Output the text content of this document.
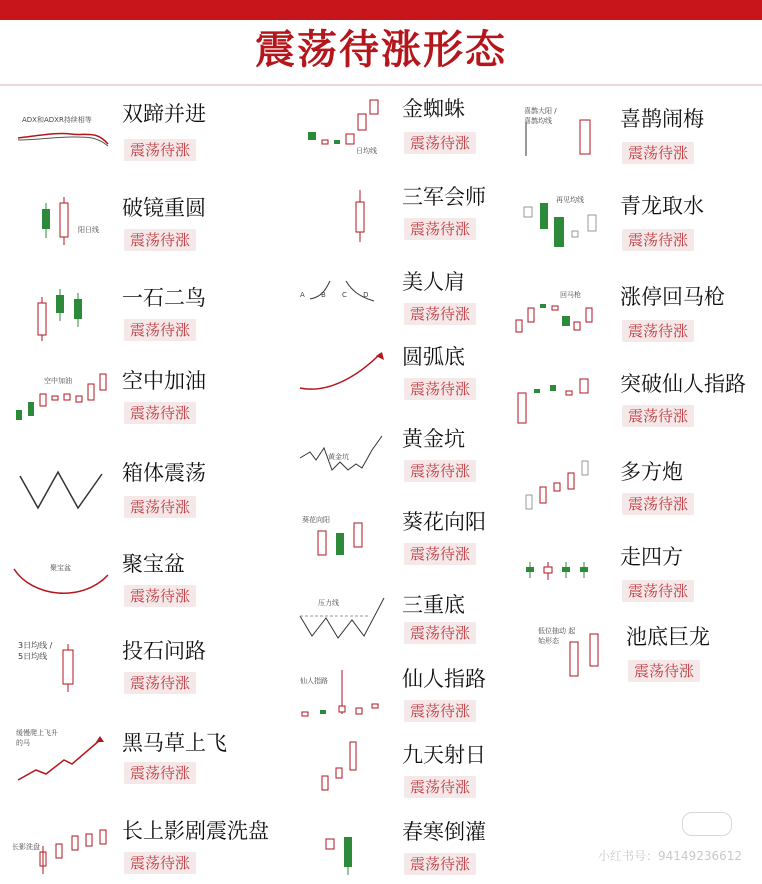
震荡待涨形态
ADX和ADXR持续相等 双蹄并进
震荡待涨
阳日线
破镜重圆
震荡待涨
一石二鸟
震荡待涨
空中加油 空中加油
震荡待涨
箱体震荡
震荡待涨
聚宝盆 聚宝盆
震荡待涨
3日均线 / 5日均线	投石问路
震荡待涨
缓慢爬上飞升的马	黑马草上飞
震荡待涨
长影洗盘
长上影剧震洗盘
震荡待涨
日均线
金蜘蛛
震荡待涨
三军会师
震荡待涨
A B C D
美人肩
震荡待涨
圆弧底
震荡待涨
黄金坑
黄金坑
震荡待涨
葵花向阳	葵花向阳
震荡待涨
压力线	三重底
震荡待涨
仙人指路	仙人指路
震荡待涨
九天射日
震荡待涨
春寒倒灌
震荡待涨
喜鹊大阳 / 喜鹊均线	喜鹊闹梅
震荡待涨
再见均线 青龙取水
震荡待涨
回马枪 涨停回马枪
震荡待涨
突破仙人指路
震荡待涨
多方炮
震荡待涨
走四方
震荡待涨
低位抽动 起始形态	池底巨龙
震荡待涨
小红书号：94149236612
